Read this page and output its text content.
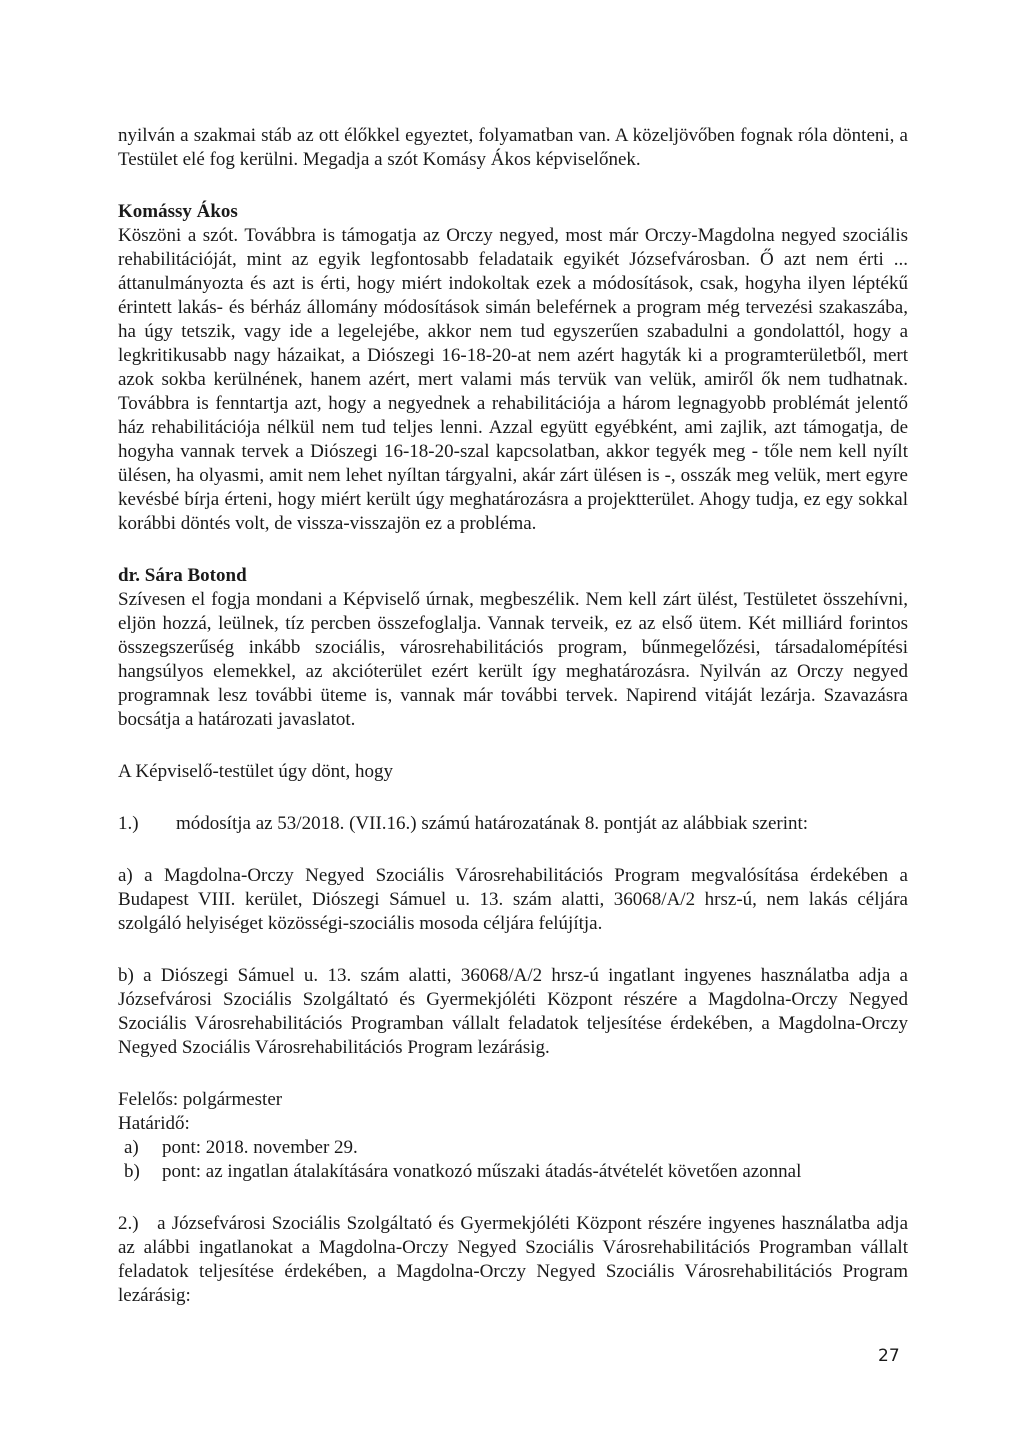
nyilván a szakmai stáb az ott élőkkel egyeztet, folyamatban van. A közeljövőben fognak róla dönteni, a Testület elé fog kerülni. Megadja a szót Komásy Ákos képviselőnek.

Komássy Ákos

Köszöni a szót. Továbbra is támogatja az Orczy negyed, most már Orczy-Magdolna negyed szociális rehabilitációját, mint az egyik legfontosabb feladataik egyikét Józsefvárosban. Ő azt nem érti ... áttanulmányozta és azt is érti, hogy miért indokoltak ezek a módosítások, csak, hogyha ilyen léptékű érintett lakás- és bérház állomány módosítások simán beleférnek a program még tervezési szakaszába, ha úgy tetszik, vagy ide a legelejébe, akkor nem tud egyszerűen szabadulni a gondolattól, hogy a legkritikusabb nagy házaikat, a Diószegi 16-18-20-at nem azért hagyták ki a programterületből, mert azok sokba kerülnének, hanem azért, mert valami más tervük van velük, amiről ők nem tudhatnak. Továbbra is fenntartja azt, hogy a negyednek a rehabilitációja a három legnagyobb problémát jelentő ház rehabilitációja nélkül nem tud teljes lenni. Azzal együtt egyébként, ami zajlik, azt támogatja, de hogyha vannak tervek a Diószegi 16-18-20-szal kapcsolatban, akkor tegyék meg - tőle nem kell nyílt ülésen, ha olyasmi, amit nem lehet nyíltan tárgyalni, akár zárt ülésen is -, osszák meg velük, mert egyre kevésbé bírja érteni, hogy miért került úgy meghatározásra a projektterület. Ahogy tudja, ez egy sokkal korábbi döntés volt, de vissza-visszajön ez a probléma.

dr. Sára Botond

Szívesen el fogja mondani a Képviselő úrnak, megbeszélik. Nem kell zárt ülést, Testületet összehívni, eljön hozzá, leülnek, tíz percben összefoglalja. Vannak terveik, ez az első ütem. Két milliárd forintos összegszerűség inkább szociális, városrehabilitációs program, bűnmegelőzési, társadalomépítési hangsúlyos elemekkel, az akcióterület ezért került így meghatározásra. Nyilván az Orczy negyed programnak lesz további üteme is, vannak már további tervek. Napirend vitáját lezárja. Szavazásra bocsátja a határozati javaslatot.

A Képviselő-testület úgy dönt, hogy

1.)	módosítja az 53/2018. (VII.16.) számú határozatának 8. pontját az alábbiak szerint:

a) a Magdolna-Orczy Negyed Szociális Városrehabilitációs Program megvalósítása érdekében a Budapest VIII. kerület, Diószegi Sámuel u. 13. szám alatti, 36068/A/2 hrsz-ú, nem lakás céljára szolgáló helyiséget közösségi-szociális mosoda céljára felújítja.

b) a Diószegi Sámuel u. 13. szám alatti, 36068/A/2 hrsz-ú ingatlant ingyenes használatba adja a Józsefvárosi Szociális Szolgáltató és Gyermekjóléti Központ részére a Magdolna-Orczy Negyed Szociális Városrehabilitációs Programban vállalt feladatok teljesítése érdekében, a Magdolna-Orczy Negyed Szociális Városrehabilitációs Program lezárásig.

Felelős: polgármester

Határidő:

a)	pont: 2018. november 29.
b)	pont: az ingatlan átalakítására vonatkozó műszaki átadás-átvételét követően azonnal

2.) a Józsefvárosi Szociális Szolgáltató és Gyermekjóléti Központ részére ingyenes használatba adja az alábbi ingatlanokat a Magdolna-Orczy Negyed Szociális Városrehabilitációs Programban vállalt feladatok teljesítése érdekében, a Magdolna-Orczy Negyed Szociális Városrehabilitációs Program lezárásig:

27
